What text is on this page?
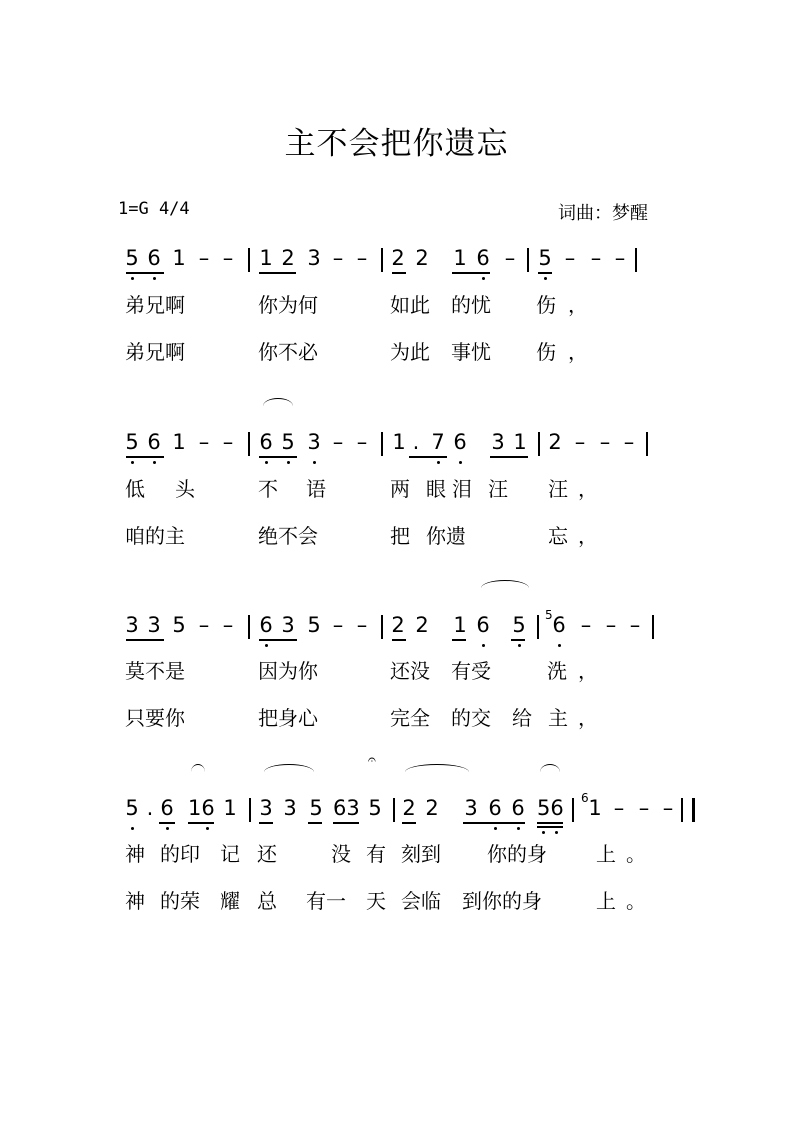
主不会把你遗忘
1=G 4/4	词曲：梦醒
5 6 1 – – 1 2 3 – – 2 2 1 6 – 5 – – –
弟兄啊	你为何	如此 的忧 伤 ，
弟兄啊	你不必	为此 事忧 伤 ，
5 6 1 – – 6 5 3 – – 1 . 7 6 3 1 2 – – –
低 头	不 语	两 眼 泪 汪 汪 ，
咱的主	绝不会	把 你遗	忘 ，
3 3 5 – – 6 3 5 – – 2 2 1 6 5 5 6 – – –
莫不是	因为你	还没 有受	洗 ，
只要你	把身心	完全 的交 给 主 ，
𝄐
5 . 6 16 1 3 3 5 63 5 2 2 3 6 6 56 6 1 – – –
神 的印 记 还	没 有 刻到 你的身 上 。
神 的荣 耀 总 有一 天 会临 到你的身	上 。
